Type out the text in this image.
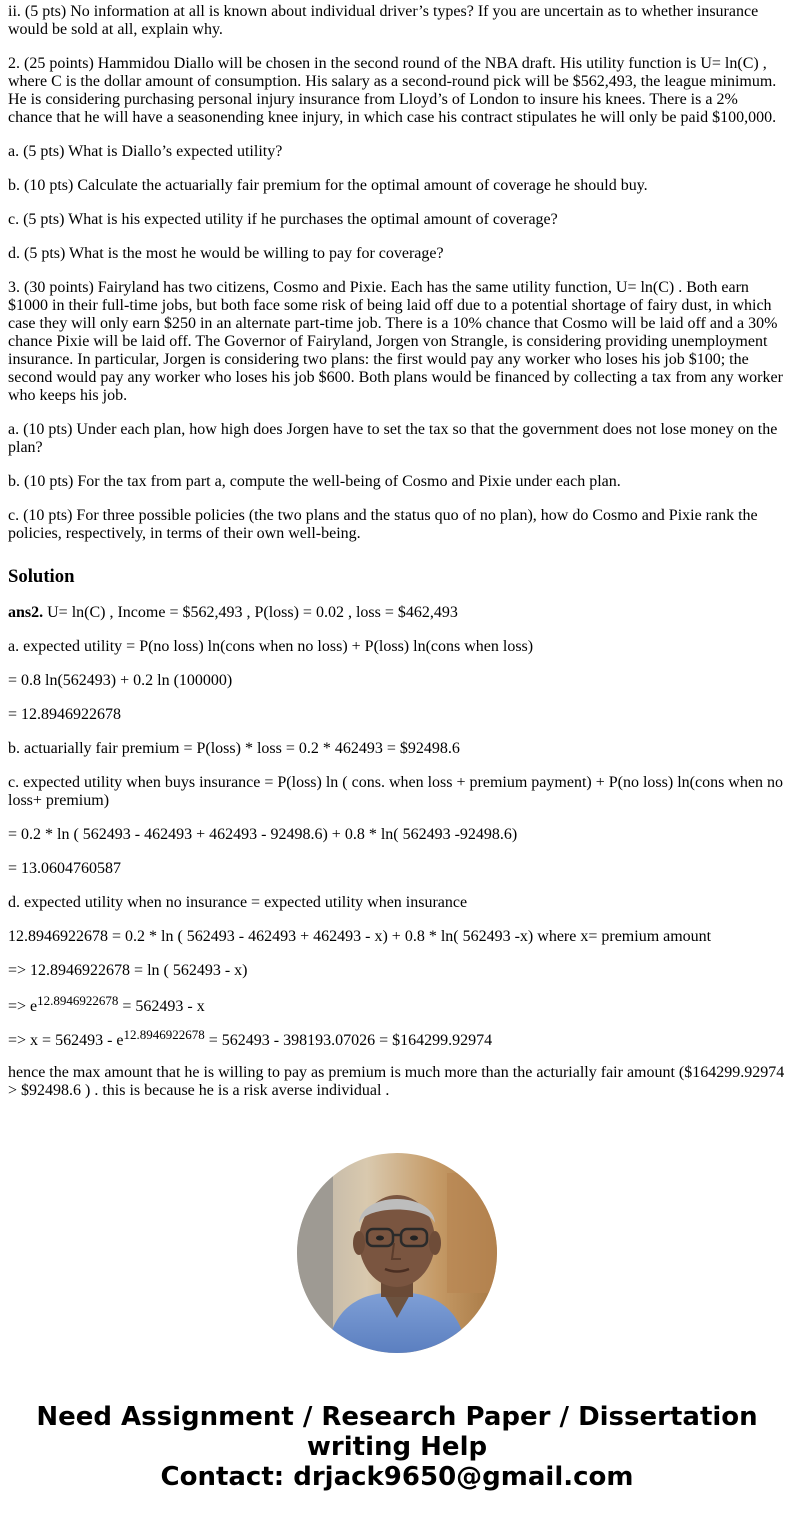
ii. (5 pts) No information at all is known about individual driver’s types? If you are uncertain as to whether insurance would be sold at all, explain why.

2. (25 points) Hammidou Diallo will be chosen in the second round of the NBA draft. His utility function is U= ln(C) , where C is the dollar amount of consumption. His salary as a second-round pick will be $562,493, the league minimum. He is considering purchasing personal injury insurance from Lloyd’s of London to insure his knees. There is a 2% chance that he will have a seasonending knee injury, in which case his contract stipulates he will only be paid $100,000.

a. (5 pts) What is Diallo’s expected utility?

b. (10 pts) Calculate the actuarially fair premium for the optimal amount of coverage he should buy.

c. (5 pts) What is his expected utility if he purchases the optimal amount of coverage?

d. (5 pts) What is the most he would be willing to pay for coverage?

3. (30 points) Fairyland has two citizens, Cosmo and Pixie. Each has the same utility function, U= ln(C) . Both earn $1000 in their full-time jobs, but both face some risk of being laid off due to a potential shortage of fairy dust, in which case they will only earn $250 in an alternate part-time job. There is a 10% chance that Cosmo will be laid off and a 30% chance Pixie will be laid off. The Governor of Fairyland, Jorgen von Strangle, is considering providing unemployment insurance. In particular, Jorgen is considering two plans: the first would pay any worker who loses his job $100; the second would pay any worker who loses his job $600. Both plans would be financed by collecting a tax from any worker who keeps his job.

a. (10 pts) Under each plan, how high does Jorgen have to set the tax so that the government does not lose money on the plan?

b. (10 pts) For the tax from part a, compute the well-being of Cosmo and Pixie under each plan.

c. (10 pts) For three possible policies (the two plans and the status quo of no plan), how do Cosmo and Pixie rank the policies, respectively, in terms of their own well-being.

Solution

ans2. U= ln(C) , Income = $562,493 , P(loss) = 0.02 , loss = $462,493

a. expected utility = P(no loss) ln(cons when no loss) + P(loss) ln(cons when loss)

= 0.8 ln(562493) + 0.2 ln (100000)

= 12.8946922678

b. actuarially fair premium = P(loss) * loss = 0.2 * 462493 = $92498.6

c. expected utility when buys insurance = P(loss) ln ( cons. when loss + premium payment) + P(no loss) ln(cons when no loss+ premium)

= 0.2 * ln ( 562493 - 462493 + 462493 - 92498.6) + 0.8 * ln( 562493 -92498.6)

= 13.0604760587

d. expected utility when no insurance = expected utility when insurance

12.8946922678 = 0.2 * ln ( 562493 - 462493 + 462493 - x) + 0.8 * ln( 562493 -x) where x= premium amount

=> 12.8946922678 = ln ( 562493 - x)

=> $e^{12.8946922678} = 562493 - x$

=> $x = 562493 - e^{12.8946922678} = 562493 - 398193.07026$ = $164299.92974

hence the max amount that he is willing to pay as premium is much more than the acturially fair amount ($164299.92974 > $92498.6 ) . this is because he is a risk averse individual .

Need Assignment / Research Paper / Dissertation
writing Help
Contact: drjack9650@gmail.com
